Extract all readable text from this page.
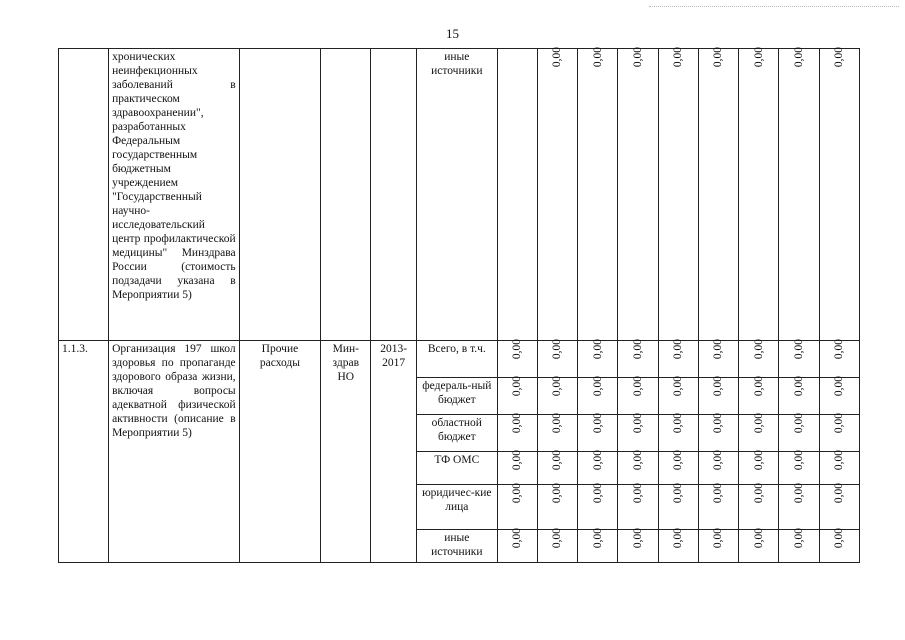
15
	хронических неинфекционных заболеваний в практическом здравоохранении", разработанных Федеральным государственным бюджетным учреждением "Государственный научно-исследовательский центр профилактической медицины" Минздрава России (стоимость подзадачи указана в Мероприятии 5)				иные источники		0,00	0,00	0,00	0,00	0,00	0,00	0,00	0,00
1.1.3.	Организация 197 школ здоровья по пропаганде здорового образа жизни, включая вопросы адекватной физической активности (описание в Мероприятии 5)	Прочие расходы	Мин-здрав НО	2013-2017	Всего, в т.ч.	0,00	0,00	0,00	0,00	0,00	0,00	0,00	0,00	0,00
					федераль-ный бюджет	0,00	0,00	0,00	0,00	0,00	0,00	0,00	0,00	0,00
					областной бюджет	0,00	0,00	0,00	0,00	0,00	0,00	0,00	0,00	0,00
					ТФ ОМС	0,00	0,00	0,00	0,00	0,00	0,00	0,00	0,00	0,00
					юридичес-кие лица	0,00	0,00	0,00	0,00	0,00	0,00	0,00	0,00	0,00
					иные источники	0,00	0,00	0,00	0,00	0,00	0,00	0,00	0,00	0,00
